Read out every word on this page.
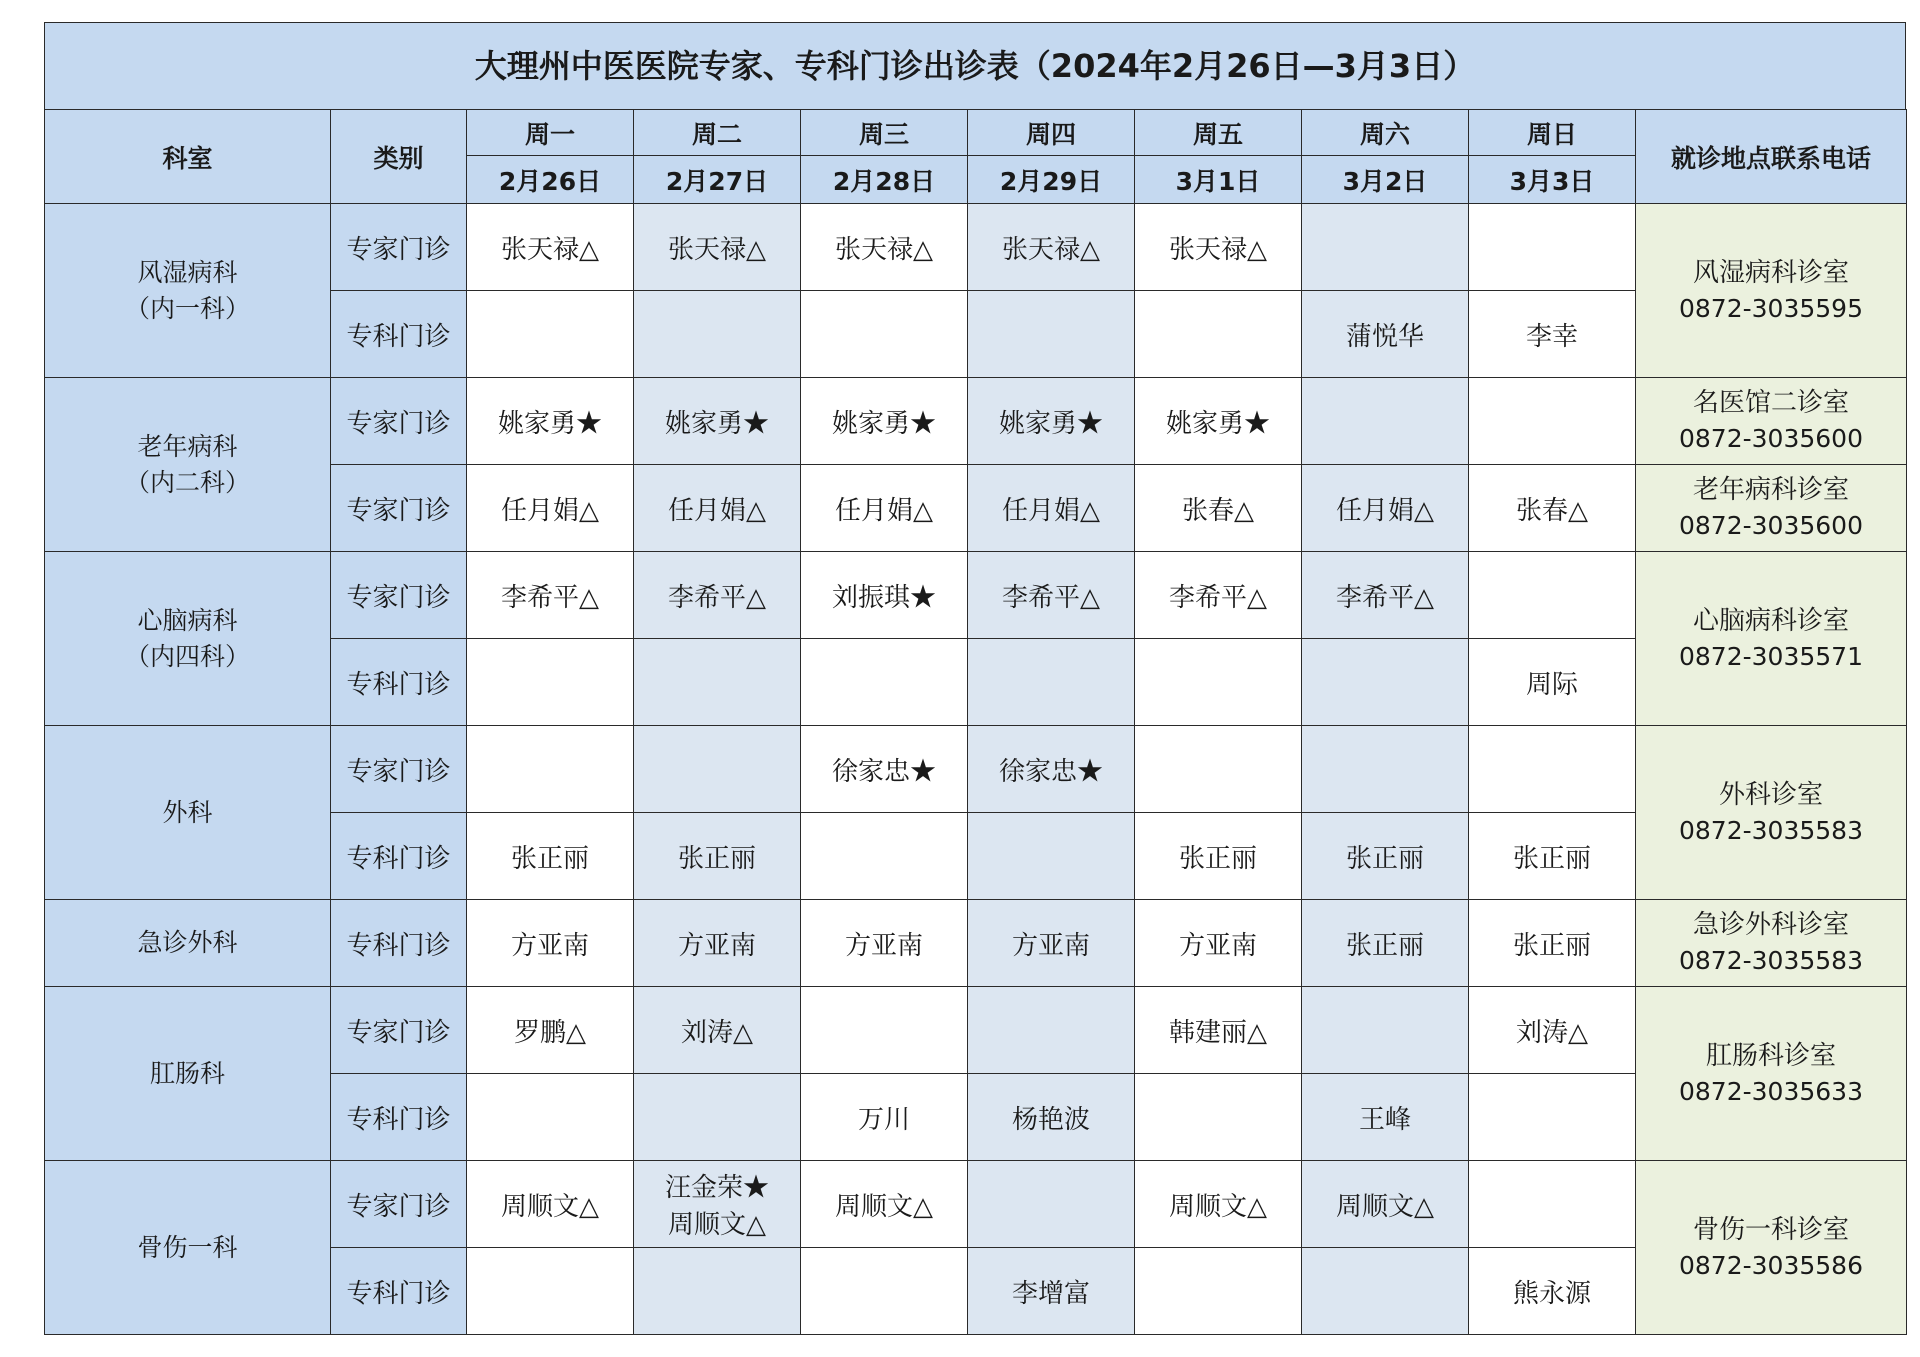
大理州中医医院专家、专科门诊出诊表（2024年2月26日—3月3日）
科室	类别	周一	周二	周三	周四	周五	周六	周日	就诊地点联系电话
		2月26日	2月27日	2月28日	2月29日	3月1日	3月2日	3月3日	

风湿病科
（内一科）	专家门诊	张天禄△	张天禄△	张天禄△	张天禄△	张天禄△			风湿病科诊室
0872-3035595

	专科门诊						蒲悦华	李幸	

老年病科
（内二科）	专家门诊	姚家勇★	姚家勇★	姚家勇★	姚家勇★	姚家勇★			名医馆二诊室
0872-3035600

	专家门诊	任月娟△	任月娟△	任月娟△	任月娟△	张春△	任月娟△	张春△	老年病科诊室
0872-3035600

心脑病科
（内四科）	专家门诊	李希平△	李希平△	刘振琪★	李希平△	李希平△	李希平△		心脑病科诊室
0872-3035571

	专科门诊							周际	

外科	专家门诊			徐家忠★	徐家忠★				外科诊室
0872-3035583

	专科门诊	张正丽	张正丽			张正丽	张正丽	张正丽	

急诊外科	专科门诊	方亚南	方亚南	方亚南	方亚南	方亚南	张正丽	张正丽	急诊外科诊室
0872-3035583

肛肠科	专家门诊	罗鹏△	刘涛△			韩建丽△		刘涛△	肛肠科诊室
0872-3035633

	专科门诊			万川	杨艳波		王峰		

骨伤一科	专家门诊	周顺文△	汪金荣★
周顺文△	周顺文△		周顺文△	周顺文△		骨伤一科诊室
0872-3035586

	专科门诊				李增富			熊永源	
